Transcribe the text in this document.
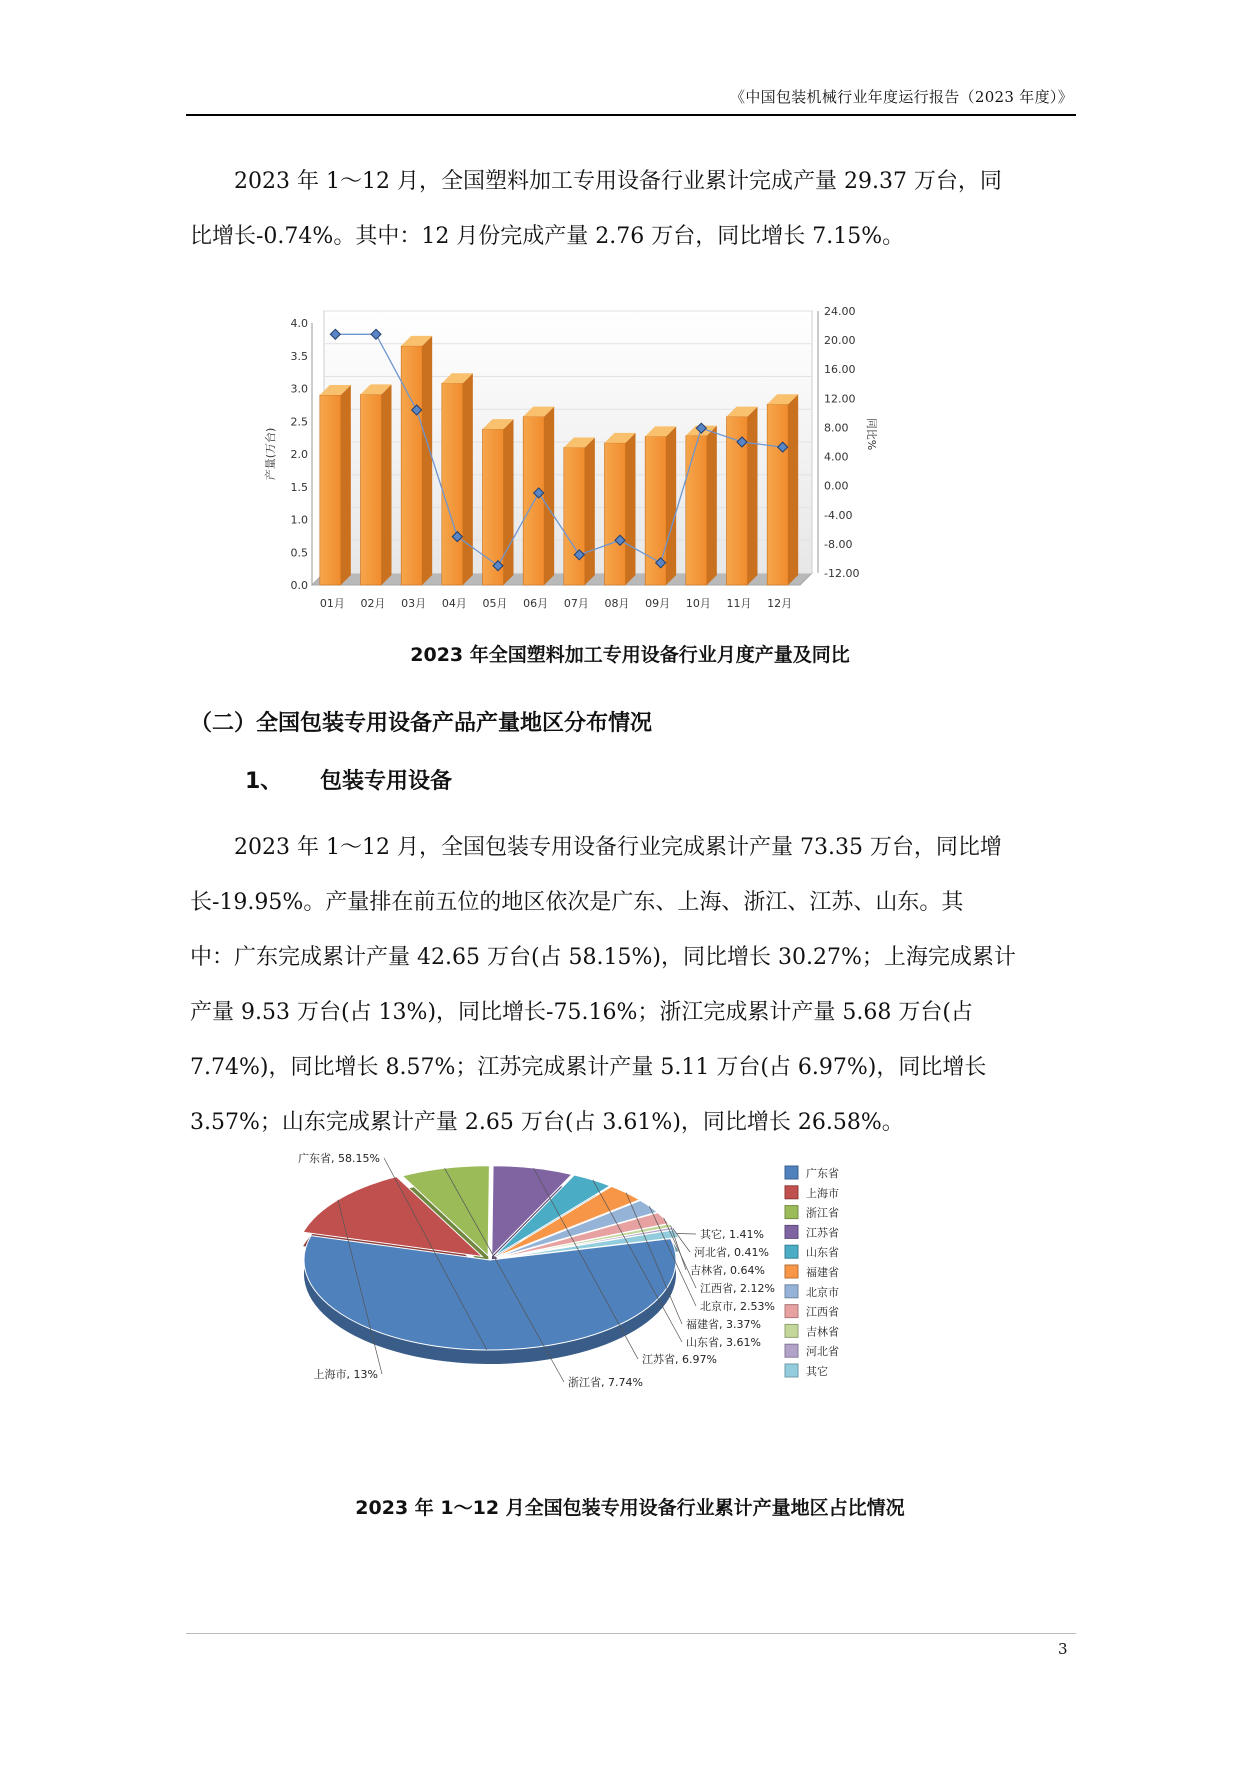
《中国包装机械行业年度运行报告（2023 年度）》
2023 年 1～12 月，全国塑料加工专用设备行业累计完成产量 29.37 万台，同
比增长-0.74%。其中：12 月份完成产量 2.76 万台，同比增长 7.15%。
0.0
0.5
1.0
1.5
2.0
2.5
3.0
3.5
4.0
-12.00
-8.00
-4.00
0.00
4.00
8.00
12.00
16.00
20.00
24.00
产量(万台)	同比%
01月 02月 03月 04月 05月 06月 07月 08月 09月 10月 11月 12月
2023 年全国塑料加工专用设备行业月度产量及同比
（二）全国包装专用设备产品产量地区分布情况
1、 包装专用设备
2023 年 1～12 月，全国包装专用设备行业完成累计产量 73.35 万台，同比增
长-19.95%。产量排在前五位的地区依次是广东、上海、浙江、江苏、山东。其
中：广东完成累计产量 42.65 万台(占 58.15%)，同比增长 30.27%；上海完成累计
产量 9.53 万台(占 13%)，同比增长-75.16%；浙江完成累计产量 5.68 万台(占
7.74%)，同比增长 8.57%；江苏完成累计产量 5.11 万台(占 6.97%)，同比增长
3.57%；山东完成累计产量 2.65 万台(占 3.61%)，同比增长 26.58%。
广东省, 58.15%
上海市, 13%
浙江省, 7.74%
江苏省, 6.97%
山东省, 3.61%
福建省, 3.37%
北京市, 2.53%
江西省, 2.12%
吉林省, 0.64%
河北省, 0.41%
其它, 1.41%
广东省
上海市
浙江省
江苏省
山东省
福建省
北京市
江西省
吉林省
河北省
其它
2023 年 1～12 月全国包装专用设备行业累计产量地区占比情况
3
